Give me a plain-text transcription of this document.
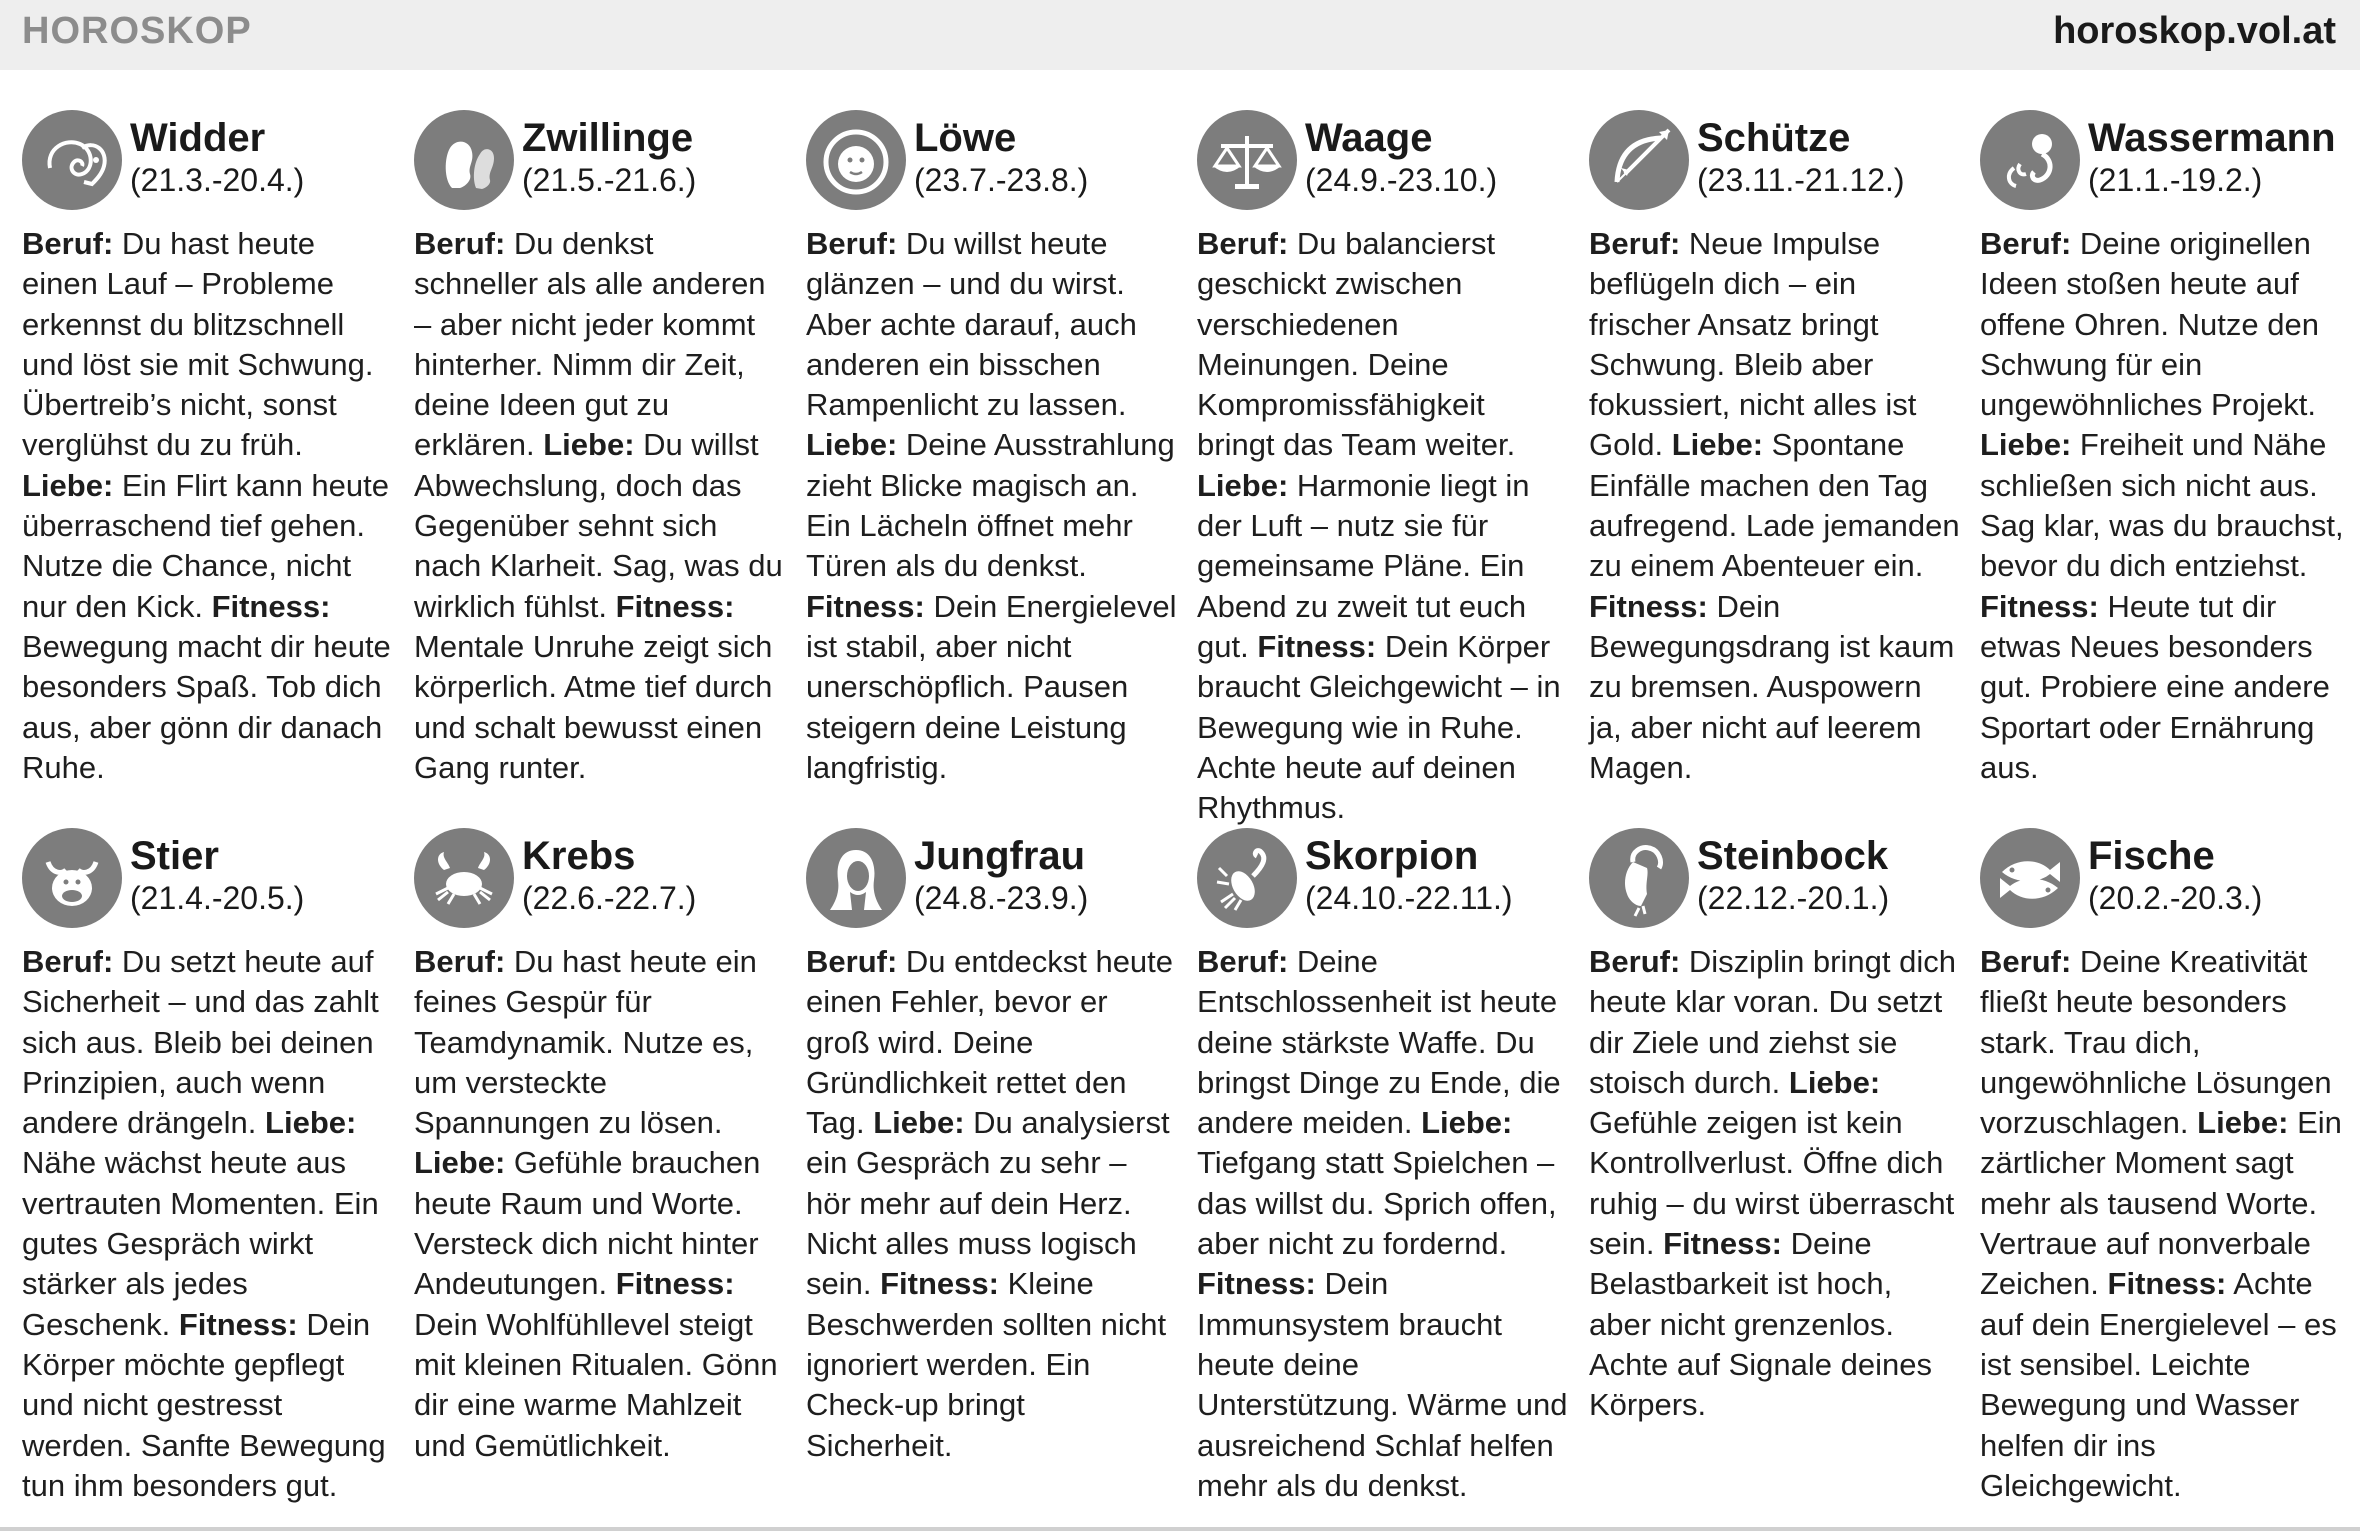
HOROSKOP	horoskop.vol.at
Widder
(21.3.-20.4.)

Beruf: Du hast heute einen Lauf – Probleme erkennst du blitzschnell und löst sie mit Schwung. Übertreib’s nicht, sonst verglühst du zu früh. Liebe: Ein Flirt kann heute überraschend tief gehen. Nutze die Chance, nicht nur den Kick. Fitness: Bewegung macht dir heute besonders Spaß. Tob dich aus, aber gönn dir danach Ruhe.

Zwillinge
(21.5.-21.6.)

Beruf: Du denkst schneller als alle anderen – aber nicht jeder kommt hinterher. Nimm dir Zeit, deine Ideen gut zu erklären. Liebe: Du willst Abwechslung, doch das Gegenüber sehnt sich nach Klarheit. Sag, was du wirklich fühlst. Fitness: Mentale Unruhe zeigt sich körperlich. Atme tief durch und schalt bewusst einen Gang runter.

Löwe
(23.7.-23.8.)

Beruf: Du willst heute glänzen – und du wirst. Aber achte darauf, auch anderen ein bisschen Rampenlicht zu lassen. Liebe: Deine Ausstrahlung zieht Blicke magisch an. Ein Lächeln öffnet mehr Türen als du denkst. Fitness: Dein Energielevel ist stabil, aber nicht unerschöpflich. Pausen steigern deine Leistung langfristig.

Waage
(24.9.-23.10.)

Beruf: Du balancierst geschickt zwischen verschiedenen Meinungen. Deine Kompromissfähigkeit bringt das Team weiter. Liebe: Harmonie liegt in der Luft – nutz sie für gemeinsame Pläne. Ein Abend zu zweit tut euch gut. Fitness: Dein Körper braucht Gleichgewicht – in Bewegung wie in Ruhe. Achte heute auf deinen Rhythmus.

Schütze
(23.11.-21.12.)

Beruf: Neue Impulse beflügeln dich – ein frischer Ansatz bringt Schwung. Bleib aber fokussiert, nicht alles ist Gold. Liebe: Spontane Einfälle machen den Tag aufregend. Lade jemanden zu einem Abenteuer ein. Fitness: Dein Bewegungsdrang ist kaum zu bremsen. Auspowern ja, aber nicht auf leerem Magen.

Wassermann
(21.1.-19.2.)

Beruf: Deine originellen Ideen stoßen heute auf offene Ohren. Nutze den Schwung für ein ungewöhnliches Projekt. Liebe: Freiheit und Nähe schließen sich nicht aus. Sag klar, was du brauchst, bevor du dich entziehst. Fitness: Heute tut dir etwas Neues besonders gut. Probiere eine andere Sportart oder Ernährung aus.

Stier
(21.4.-20.5.)

Beruf: Du setzt heute auf Sicherheit – und das zahlt sich aus. Bleib bei deinen Prinzipien, auch wenn andere drängeln. Liebe: Nähe wächst heute aus vertrauten Momenten. Ein gutes Gespräch wirkt stärker als jedes Geschenk. Fitness: Dein Körper möchte gepflegt und nicht gestresst werden. Sanfte Bewegung tun ihm besonders gut.

Krebs
(22.6.-22.7.)

Beruf: Du hast heute ein feines Gespür für Teamdynamik. Nutze es, um versteckte Spannungen zu lösen. Liebe: Gefühle brauchen heute Raum und Worte. Versteck dich nicht hinter Andeutungen. Fitness: Dein Wohlfühllevel steigt mit kleinen Ritualen. Gönn dir eine warme Mahlzeit und Gemütlichkeit.

Jungfrau
(24.8.-23.9.)

Beruf: Du entdeckst heute einen Fehler, bevor er groß wird. Deine Gründlichkeit rettet den Tag. Liebe: Du analysierst ein Gespräch zu sehr – hör mehr auf dein Herz. Nicht alles muss logisch sein. Fitness: Kleine Beschwerden sollten nicht ignoriert werden. Ein Check-up bringt Sicherheit.

Skorpion
(24.10.-22.11.)

Beruf: Deine Entschlossenheit ist heute deine stärkste Waffe. Du bringst Dinge zu Ende, die andere meiden. Liebe: Tiefgang statt Spielchen – das willst du. Sprich offen, aber nicht zu fordernd. Fitness: Dein Immunsystem braucht heute deine Unterstützung. Wärme und ausreichend Schlaf helfen mehr als du denkst.

Steinbock
(22.12.-20.1.)

Beruf: Disziplin bringt dich heute klar voran. Du setzt dir Ziele und ziehst sie stoisch durch. Liebe: Gefühle zeigen ist kein Kontrollverlust. Öffne dich ruhig – du wirst überrascht sein. Fitness: Deine Belastbarkeit ist hoch, aber nicht grenzenlos. Achte auf Signale deines Körpers.

Fische
(20.2.-20.3.)

Beruf: Deine Kreativität fließt heute besonders stark. Trau dich, ungewöhnliche Lösungen vorzuschlagen. Liebe: Ein zärtlicher Moment sagt mehr als tausend Worte. Vertraue auf nonverbale Zeichen. Fitness: Achte auf dein Energielevel – es ist sensibel. Leichte Bewegung und Wasser helfen dir ins Gleichgewicht.
